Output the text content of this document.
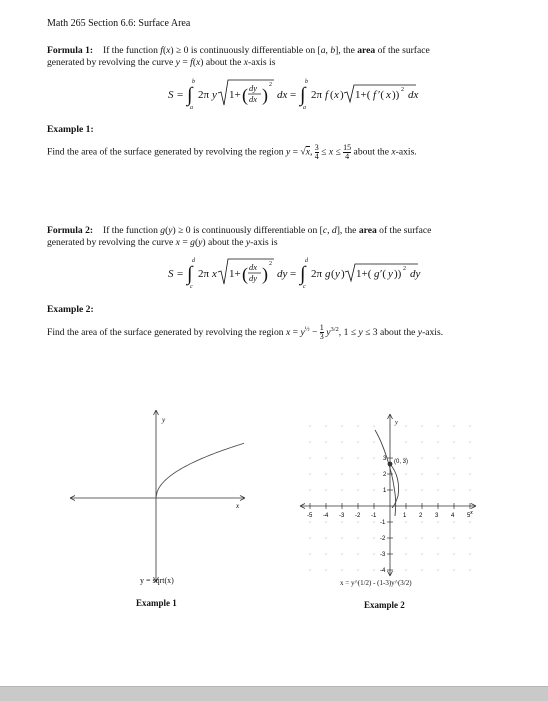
Math 265 Section 6.6: Surface Area
Formula 1: If the function f(x) ≥ 0 is continuously differentiable on [a, b], the area of the surface
generated by revolving the curve y = f(x) about the x-axis is
S = ∫
b
a
2π y 1+ ( dy
dx ) 2
dx = ∫
b
a
2π f ( x ) 1+( f ′( x )) 2 dx
Example 1:
Find the area of the surface generated by revolving the region y = √x, $\frac{3}{4} \le x \le \frac{15}{4}$ about the x-axis.
Formula 2: If the function g(y) ≥ 0 is continuously differentiable on [c, d], the area of the surface
generated by revolving the curve x = g(y) about the y-axis is
S = ∫
d
c
2π x 1+ ( dx
dy ) 2
dy = ∫
d
c
2π g ( y ) 1+( g ′( y )) 2 dy
Example 2:
Find the area of the surface generated by revolving the region $x = y^{\frac{1}{2}} - \frac{1}{3} y^{3/2}$, 1 ≤ y ≤ 3 about the y-axis.
y
x
y = sqrt(x)
Example 1
-5 -4 -3 -2 -1	1 2 3 4 5
3
2
1
-1
-2
-3
-4
(0, 3)
y
x
x = y^(1/2) - (1-3)y^(3/2)
Example 2
